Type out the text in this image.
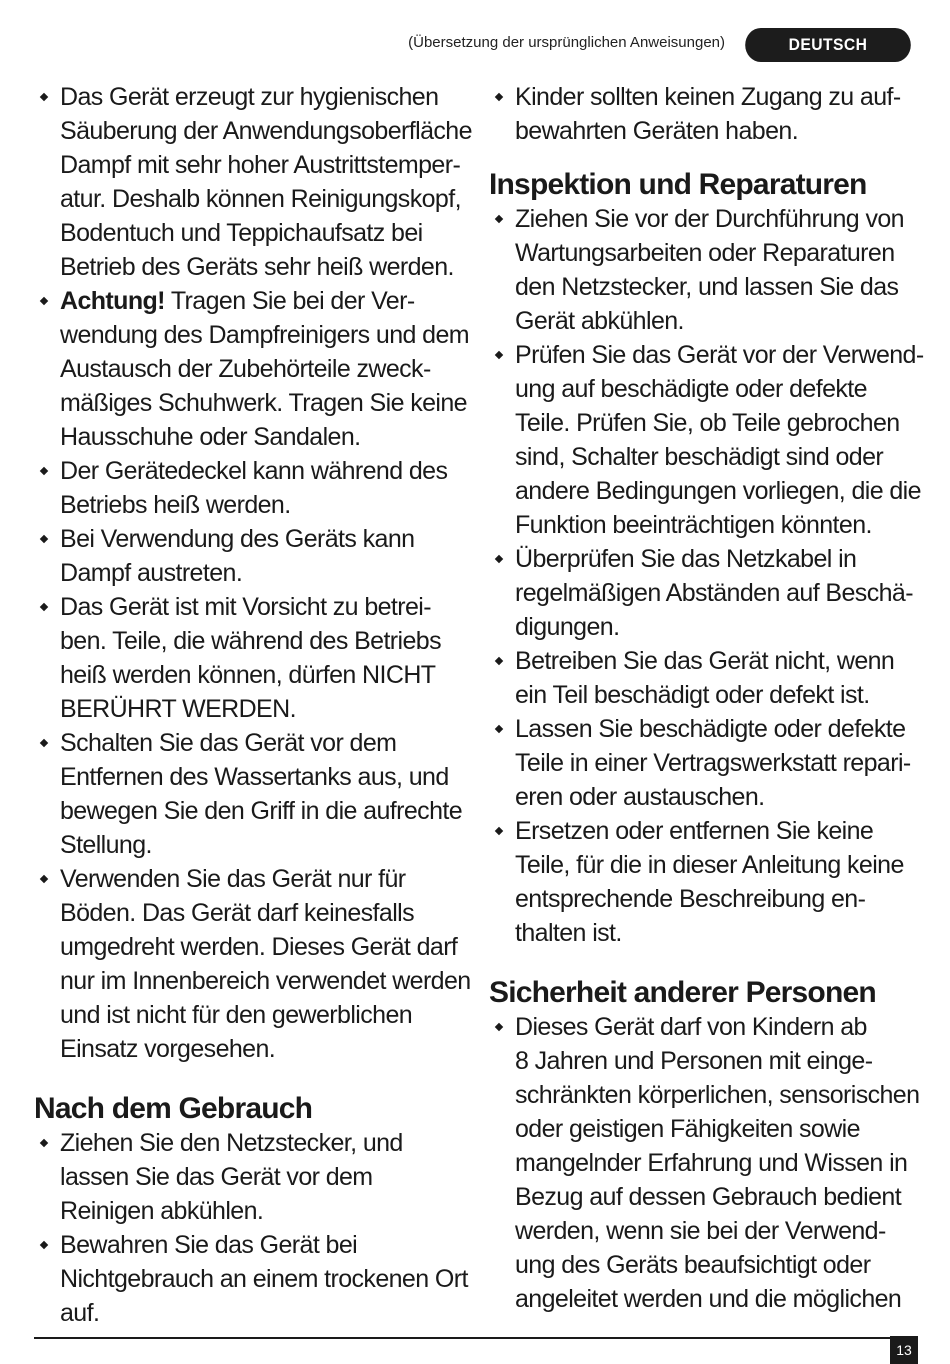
(Übersetzung der ursprünglichen Anweisungen)	DEUTSCH
Das Gerät erzeugt zur hygienischen
Säuberung der Anwendungsoberfläche
Dampf mit sehr hoher Austrittstemper-
atur. Deshalb können Reinigungskopf,
Bodentuch und Teppichaufsatz bei
Betrieb des Geräts sehr heiß werden.
Achtung! Tragen Sie bei der Ver-
wendung des Dampfreinigers und dem
Austausch der Zubehörteile zweck-
mäßiges Schuhwerk. Tragen Sie keine
Hausschuhe oder Sandalen.
Der Gerätedeckel kann während des
Betriebs heiß werden.
Bei Verwendung des Geräts kann
Dampf austreten.
Das Gerät ist mit Vorsicht zu betrei-
ben. Teile, die während des Betriebs
heiß werden können, dürfen NICHT
BERÜHRT WERDEN.
Schalten Sie das Gerät vor dem
Entfernen des Wassertanks aus, und
bewegen Sie den Griff in die aufrechte
Stellung.
Verwenden Sie das Gerät nur für
Böden. Das Gerät darf keinesfalls
umgedreht werden. Dieses Gerät darf
nur im Innenbereich verwendet werden
und ist nicht für den gewerblichen
Einsatz vorgesehen.
Nach dem Gebrauch
Ziehen Sie den Netzstecker, und
lassen Sie das Gerät vor dem
Reinigen abkühlen.
Bewahren Sie das Gerät bei
Nichtgebrauch an einem trockenen Ort
auf.
Kinder sollten keinen Zugang zu auf-
bewahrten Geräten haben.
Inspektion und Reparaturen
Ziehen Sie vor der Durchführung von
Wartungsarbeiten oder Reparaturen
den Netzstecker, und lassen Sie das
Gerät abkühlen.
Prüfen Sie das Gerät vor der Verwend-
ung auf beschädigte oder defekte
Teile. Prüfen Sie, ob Teile gebrochen
sind, Schalter beschädigt sind oder
andere Bedingungen vorliegen, die die
Funktion beeinträchtigen könnten.
Überprüfen Sie das Netzkabel in
regelmäßigen Abständen auf Beschä-
digungen.
Betreiben Sie das Gerät nicht, wenn
ein Teil beschädigt oder defekt ist.
Lassen Sie beschädigte oder defekte
Teile in einer Vertragswerkstatt repari-
eren oder austauschen.
Ersetzen oder entfernen Sie keine
Teile, für die in dieser Anleitung keine
entsprechende Beschreibung en-
thalten ist.
Sicherheit anderer Personen
Dieses Gerät darf von Kindern ab
8 Jahren und Personen mit einge-
schränkten körperlichen, sensorischen
oder geistigen Fähigkeiten sowie
mangelnder Erfahrung und Wissen in
Bezug auf dessen Gebrauch bedient
werden, wenn sie bei der Verwend-
ung des Geräts beaufsichtigt oder
angeleitet werden und die möglichen
13
